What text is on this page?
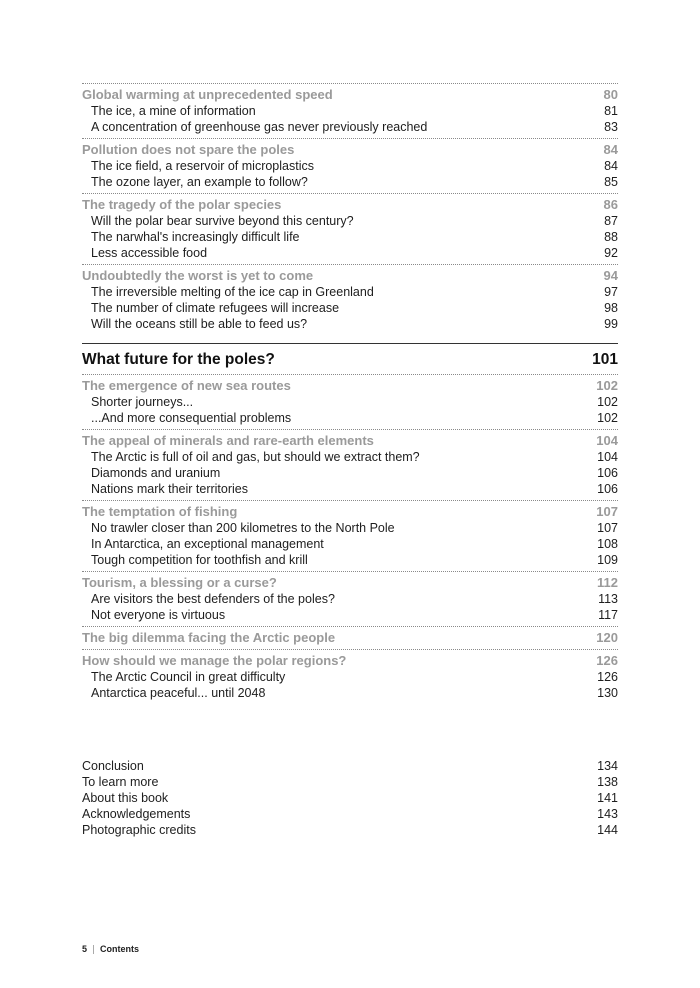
Global warming at unprecedented speed	80
The ice, a mine of information	81
A concentration of greenhouse gas never previously reached	83
Pollution does not spare the poles	84
The ice field, a reservoir of microplastics	84
The ozone layer, an example to follow?	85
The tragedy of the polar species	86
Will the polar bear survive beyond this century?	87
The narwhal's increasingly difficult life	88
Less accessible food	92
Undoubtedly the worst is yet to come	94
The irreversible melting of the ice cap in Greenland	97
The number of climate refugees will increase	98
Will the oceans still be able to feed us?	99
What future for the poles?	101
The emergence of new sea routes	102
Shorter journeys...	102
...And more consequential problems	102
The appeal of minerals and rare-earth elements	104
The Arctic is full of oil and gas, but should we extract them?	104
Diamonds and uranium	106
Nations mark their territories	106
The temptation of fishing	107
No trawler closer than 200 kilometres to the North Pole	107
In Antarctica, an exceptional management	108
Tough competition for toothfish and krill	109
Tourism, a blessing or a curse?	112
Are visitors the best defenders of the poles?	113
Not everyone is virtuous	117
The big dilemma facing the Arctic people	120
How should we manage the polar regions?	126
The Arctic Council in great difficulty	126
Antarctica peaceful... until 2048	130
Conclusion	134
To learn more	138
About this book	141
Acknowledgements	143
Photographic credits	144
5 Contents
